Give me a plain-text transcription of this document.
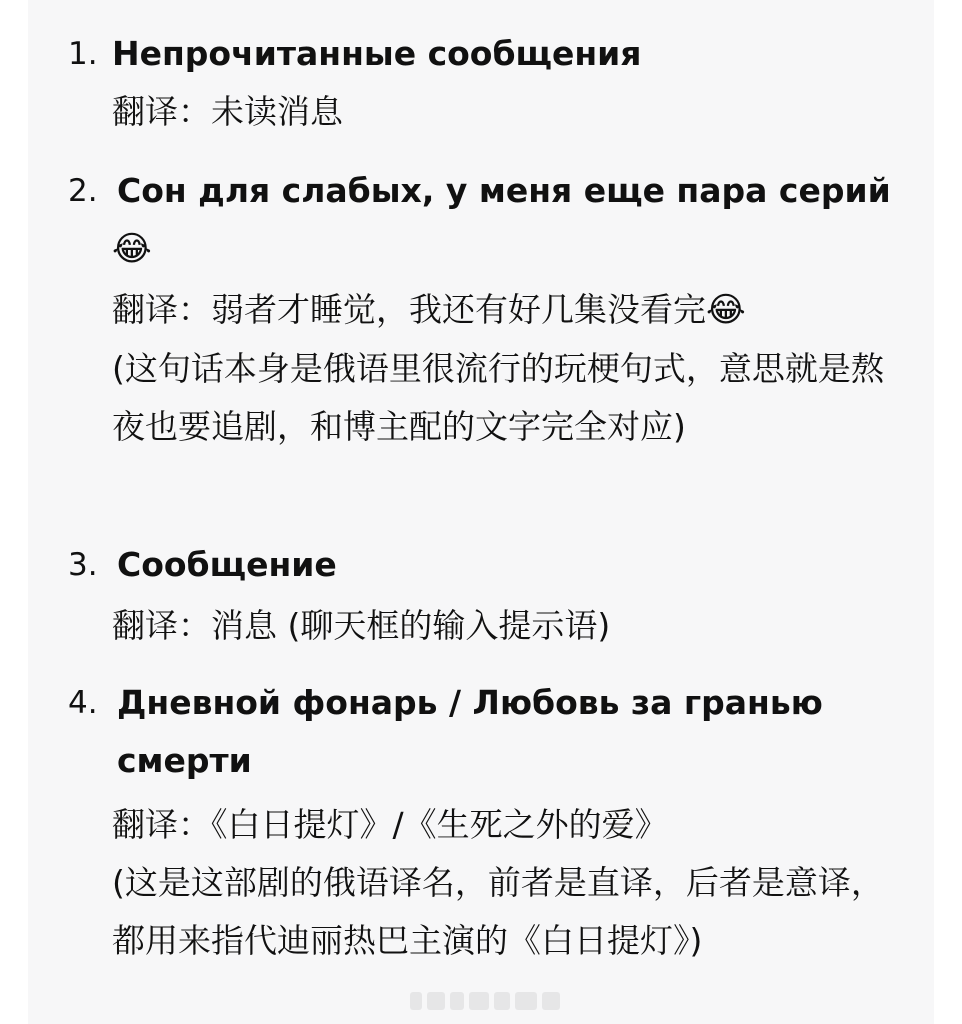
1. Непрочитанные сообщения
翻译：未读消息
2. Сон для слабых, у меня еще пара серий
😂
翻译：弱者才睡觉，我还有好几集没看完😂
(这句话本身是俄语里很流行的玩梗句式，意思就是熬夜也要追剧，和博主配的文字完全对应)
3. Сообщение
翻译：消息 (聊天框的输入提示语)
4. Дневной фонарь / Любовь за гранью смерти
翻译：《白日提灯》/《生死之外的爱》
(这是这部剧的俄语译名，前者是直译，后者是意译，都用来指代迪丽热巴主演的《白日提灯》)
